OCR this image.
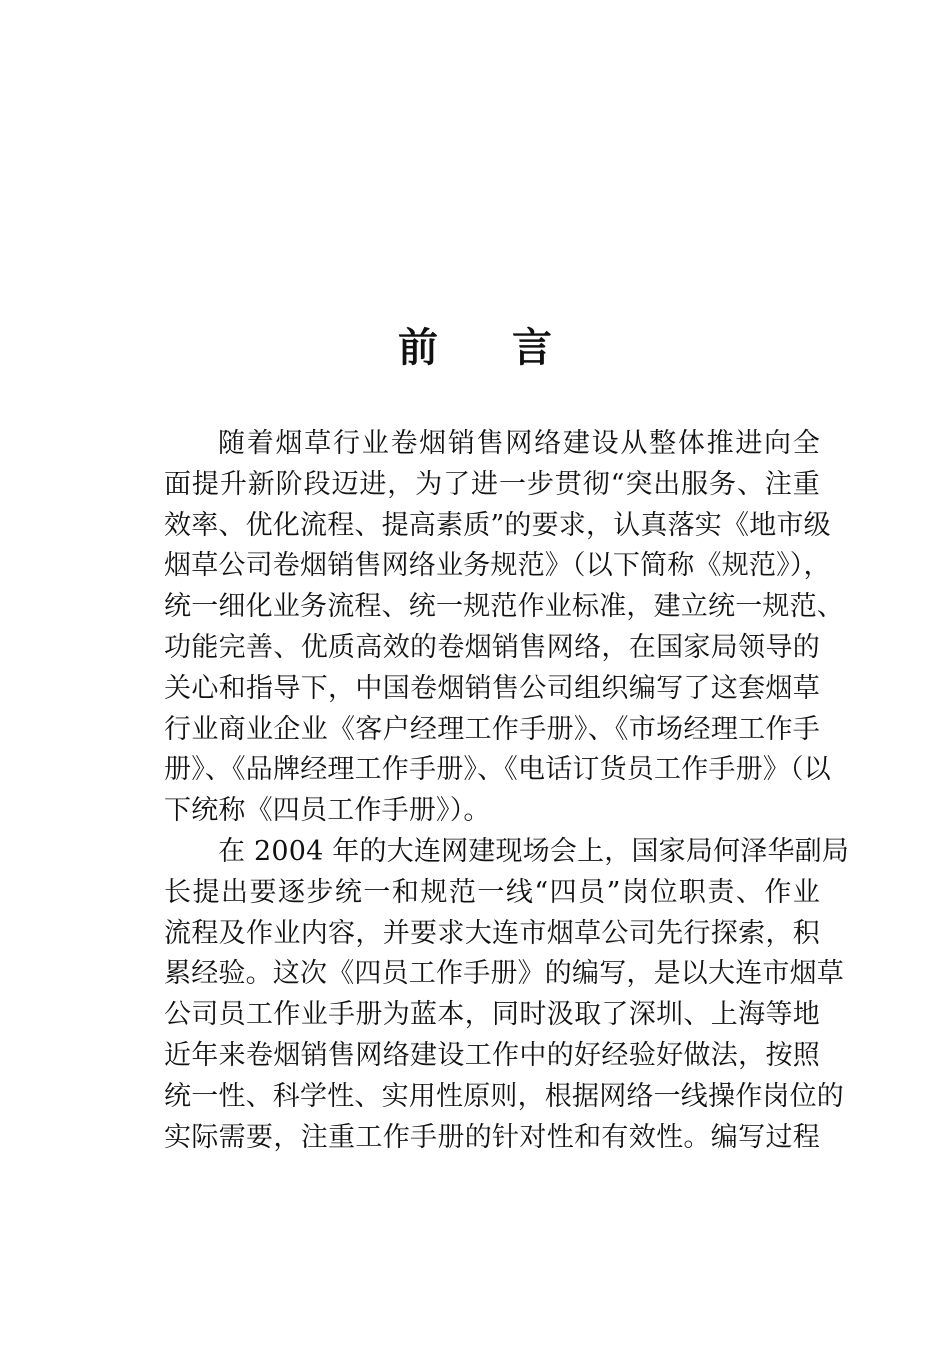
前 言
随着烟草行业卷烟销售网络建设从整体推进向全
面提升新阶段迈进，为了进一步贯彻“突出服务、注重
效率、优化流程、提高素质”的要求，认真落实《地市级
烟草公司卷烟销售网络业务规范》（以下简称《规范》），
统一细化业务流程、统一规范作业标准，建立统一规范、
功能完善、优质高效的卷烟销售网络，在国家局领导的
关心和指导下，中国卷烟销售公司组织编写了这套烟草
行业商业企业《客户经理工作手册》、《市场经理工作手
册》、《品牌经理工作手册》、《电话订货员工作手册》（以
下统称《四员工作手册》）。
在 2004 年的大连网建现场会上，国家局何泽华副局
长提出要逐步统一和规范一线“四员”岗位职责、作业
流程及作业内容，并要求大连市烟草公司先行探索，积
累经验。这次《四员工作手册》的编写，是以大连市烟草
公司员工作业手册为蓝本，同时汲取了深圳、上海等地
近年来卷烟销售网络建设工作中的好经验好做法，按照
统一性、科学性、实用性原则，根据网络一线操作岗位的
实际需要，注重工作手册的针对性和有效性。编写过程
